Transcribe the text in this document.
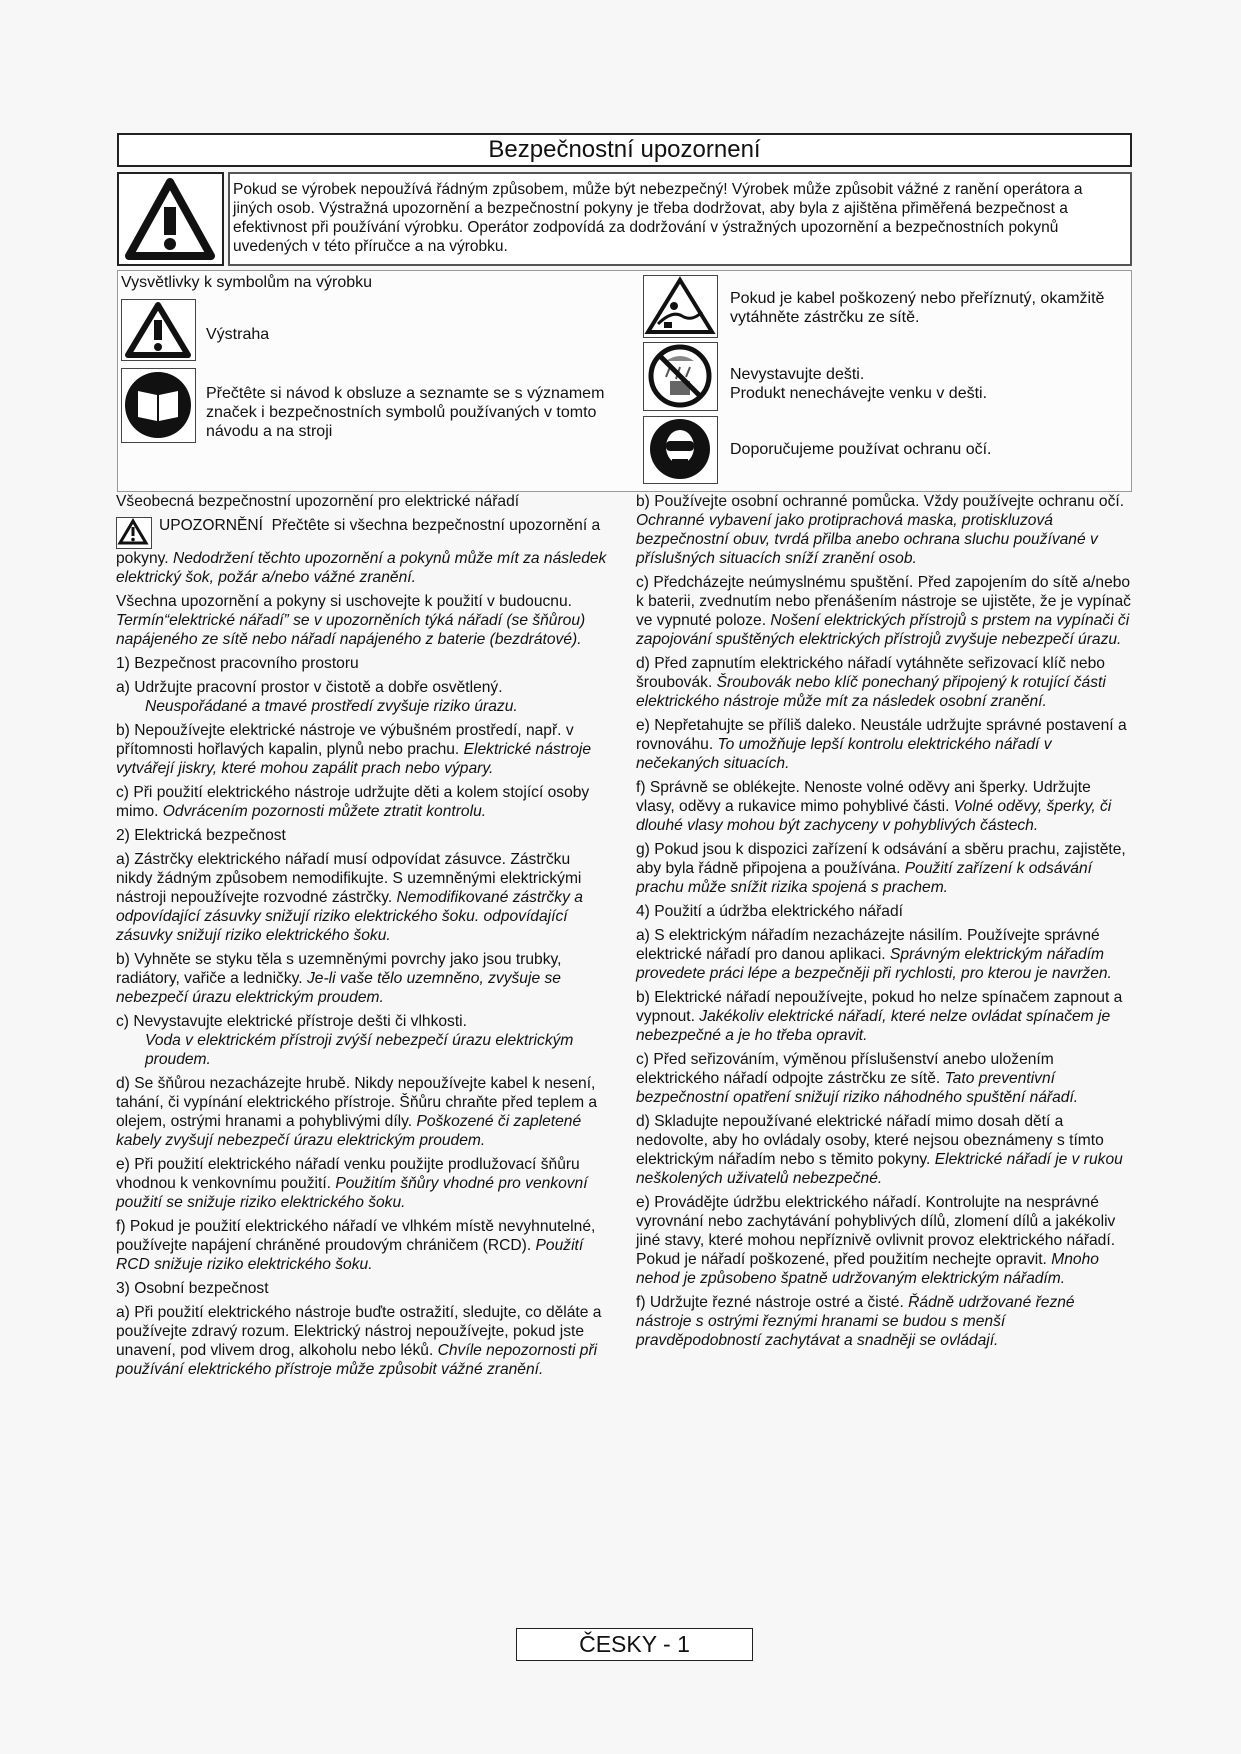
Bezpečnostní upozornení
Pokud se výrobek nepoužívá řádným způsobem, může být nebezpečný! Výrobek může způsobit vážné z ranění operátora a jiných osob. Výstražná upozornění a bezpečnostní pokyny je třeba dodržovat, aby byla z ajištěna přiměřená bezpečnost a efektivnost při používání výrobku. Operátor zodpovídá za dodržování v ýstražných upozornění a bezpečnostních pokynů uvedených v této příručce a na výrobku.
Vysvětlivky k symbolům na výrobku
Výstraha
Přečtête si návod k obsluze a seznamte se s významem značek i bezpečnostních symbolů používaných v tomto návodu a na stroji
Pokud je kabel poškozený nebo přeříznutý, okamžitě vytáhněte zástrčku ze sítě.
Nevystavujte dešti.
Produkt nenechávejte venku v dešti.
Doporučujeme používat ochranu očí.

Všeobecná bezpečnostní upozornění pro elektrické nářadí

UPOZORNĚNÍ Přečtête si všechna bezpečnostní upozornění a pokyny. Nedodržení těchto upozornění a pokynů může mít za následek elektrický šok, požár a/nebo vážné zranění.

Všechna upozornění a pokyny si uschovejte k použití v budoucnu.

Termín“elektrické nářadí” se v upozorněních týká nářadí (se šňůrou) napájeného ze sítě nebo nářadí napájeného z baterie (bezdrátové).

1) Bezpečnost pracovního prostoru

a) Udržujte pracovní prostor v čistotě a dobře osvětlený.

Neuspořádané a tmavé prostředí zvyšuje riziko úrazu.

b) Nepoužívejte elektrické nástroje ve výbušném prostředí, např. v přítomnosti hořlavých kapalin, plynů nebo prachu. Elektrické nástroje vytvářejí jiskry, které mohou zapálit prach nebo výpary.

c) Při použití elektrického nástroje udržujte děti a kolem stojící osoby mimo. Odvrácením pozornosti můžete ztratit kontrolu.

2) Elektrická bezpečnost

a) Zástrčky elektrického nářadí musí odpovídat zásuvce. Zástrčku nikdy žádným způsobem nemodifikujte. S uzemněnými elektrickými nástroji nepoužívejte rozvodné zástrčky. Nemodifikované zástrčky a odpovídající zásuvky snižují riziko elektrického šoku. odpovídající zásuvky snižují riziko elektrického šoku.

b) Vyhněte se styku těla s uzemněnými povrchy jako jsou trubky, radiátory, vařiče a ledničky. Je-li vaše tělo uzemněno, zvyšuje se nebezpečí úrazu elektrickým proudem.

c) Nevystavujte elektrické přístroje dešti či vlhkosti.

Voda v elektrickém přístroji zvýší nebezpečí úrazu elektrickým proudem.

d) Se šňůrou nezacházejte hrubě. Nikdy nepoužívejte kabel k nesení, tahání, či vypínání elektrického přístroje. Šňůru chraňte před teplem a olejem, ostrými hranami a pohyblivými díly. Poškozené či zapletené kabely zvyšují nebezpečí úrazu elektrickým proudem.

e) Při použití elektrického nářadí venku použijte prodlužovací šňůru vhodnou k venkovnímu použití. Použitím šňůry vhodné pro venkovní použití se snižuje riziko elektrického šoku.

f) Pokud je použití elektrického nářadí ve vlhkém místě nevyhnutelné, používejte napájení chráněné proudovým chráničem (RCD). Použití RCD snižuje riziko elektrického šoku.

3) Osobní bezpečnost

a) Při použití elektrického nástroje buďte ostražití, sledujte, co děláte a používejte zdravý rozum. Elektrický nástroj nepoužívejte, pokud jste unavení, pod vlivem drog, alkoholu nebo léků. Chvíle nepozornosti při používání elektrického přístroje může způsobit vážné zranění.

b) Používejte osobní ochranné pomůcka. Vždy používejte ochranu očí. Ochranné vybavení jako protiprachová maska, protiskluzová bezpečnostní obuv, tvrdá přilba anebo ochrana sluchu používané v příslušných situacích sníží zranění osob.

c) Předcházejte neúmyslnému spuštění. Před zapojením do sítě a/nebo k baterii, zvednutím nebo přenášením nástroje se ujistěte, že je vypínač ve vypnuté poloze. Nošení elektrických přístrojů s prstem na vypínači či zapojování spuštěných elektrických přístrojů zvyšuje nebezpečí úrazu.

d) Před zapnutím elektrického nářadí vytáhněte seřizovací klíč nebo šroubovák. Šroubovák nebo klíč ponechaný připojený k rotující části elektrického nástroje může mít za následek osobní zranění.

e) Nepřetahujte se příliš daleko. Neustále udržujte správné postavení a rovnováhu. To umožňuje lepší kontrolu elektrického nářadí v nečekaných situacích.

f) Správně se oblékejte. Nenoste volné oděvy ani šperky. Udržujte vlasy, oděvy a rukavice mimo pohyblivé části. Volné oděvy, šperky, či dlouhé vlasy mohou být zachyceny v pohyblivých částech.

g) Pokud jsou k dispozici zařízení k odsávání a sběru prachu, zajistěte, aby byla řádně připojena a používána. Použití zařízení k odsávání prachu může snížit rizika spojená s prachem.

4) Použití a údržba elektrického nářadí

a) S elektrickým nářadím nezacházejte násilím. Používejte správné elektrické nářadí pro danou aplikaci. Správným elektrickým nářadím provedete práci lépe a bezpečněji při rychlosti, pro kterou je navržen.

b) Elektrické nářadí nepoužívejte, pokud ho nelze spínačem zapnout a vypnout. Jakékoliv elektrické nářadí, které nelze ovládat spínačem je nebezpečné a je ho třeba opravit.

c) Před seřizováním, výměnou příslušenství anebo uložením elektrického nářadí odpojte zástrčku ze sítě. Tato preventivní bezpečnostní opatření snižují riziko náhodného spuštění nářadí.

d) Skladujte nepoužívané elektrické nářadí mimo dosah dětí a nedovolte, aby ho ovládaly osoby, které nejsou obeznámeny s tímto elektrickým nářadím nebo s těmito pokyny. Elektrické nářadí je v rukou neškolených uživatelů nebezpečné.

e) Provádějte údržbu elektrického nářadí. Kontrolujte na nesprávné vyrovnání nebo zachytávání pohyblivých dílů, zlomení dílů a jakékoliv jiné stavy, které mohou nepříznivě ovlivnit provoz elektrického nářadí. Pokud je nářadí poškozené, před použitím nechejte opravit. Mnoho nehod je způsobeno špatně udržovaným elektrickým nářadím.

f) Udržujte řezné nástroje ostré a čisté. Řádně udržované řezné nástroje s ostrými řeznými hranami se budou s menší pravděpodobností zachytávat a snadněji se ovládají.

ČESKY - 1
